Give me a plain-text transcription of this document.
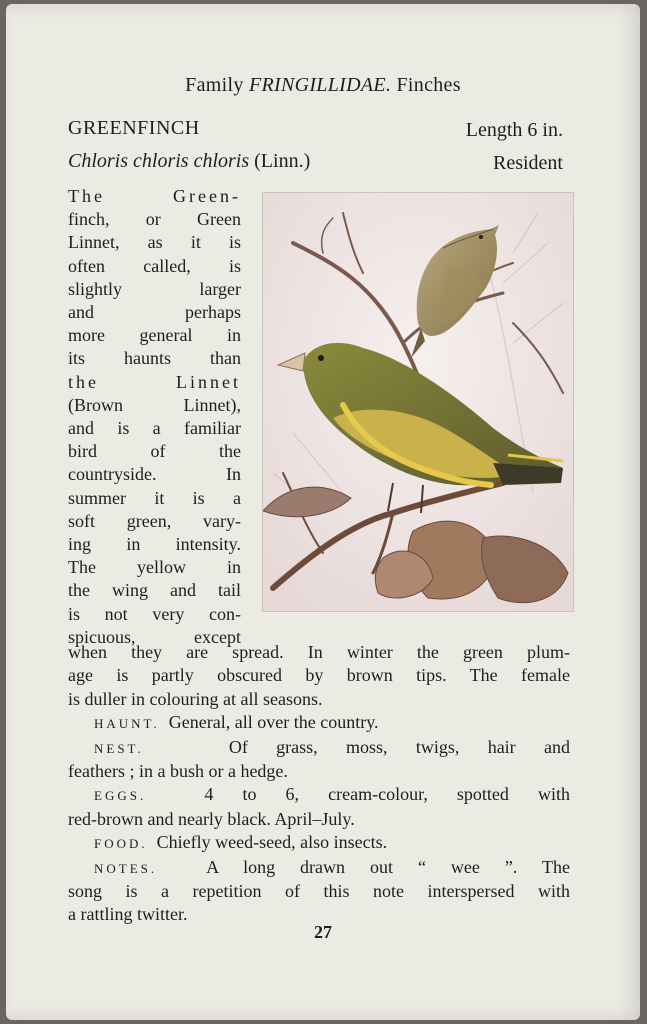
Family FRINGILLIDAE. Finches
GREENFINCH	Length 6 in.
Chloris chloris chloris (Linn.)	Resident
The Green-
finch, or Green
Linnet, as it is
often called, is
slightly larger
and perhaps
more general in
its haunts than
the Linnet
(Brown Linnet),
and is a familiar
bird of the
countryside. In
summer it is a
soft green, vary-
ing in intensity.
The yellow in
the wing and tail
is not very con-
spicuous, except
when they are spread. In winter the green plum-
age is partly obscured by brown tips. The female
is duller in colouring at all seasons.
HAUNT. General, all over the country.
NEST.	Of grass, moss, twigs, hair and
feathers ; in a bush or a hedge.
EGGS.	4 to 6, cream-colour, spotted with
red-brown and nearly black. April–July.
FOOD. Chiefly weed-seed, also insects.
NOTES.	A long drawn out “ wee ”. The
song is a repetition of this note interspersed with
a rattling twitter.
27
